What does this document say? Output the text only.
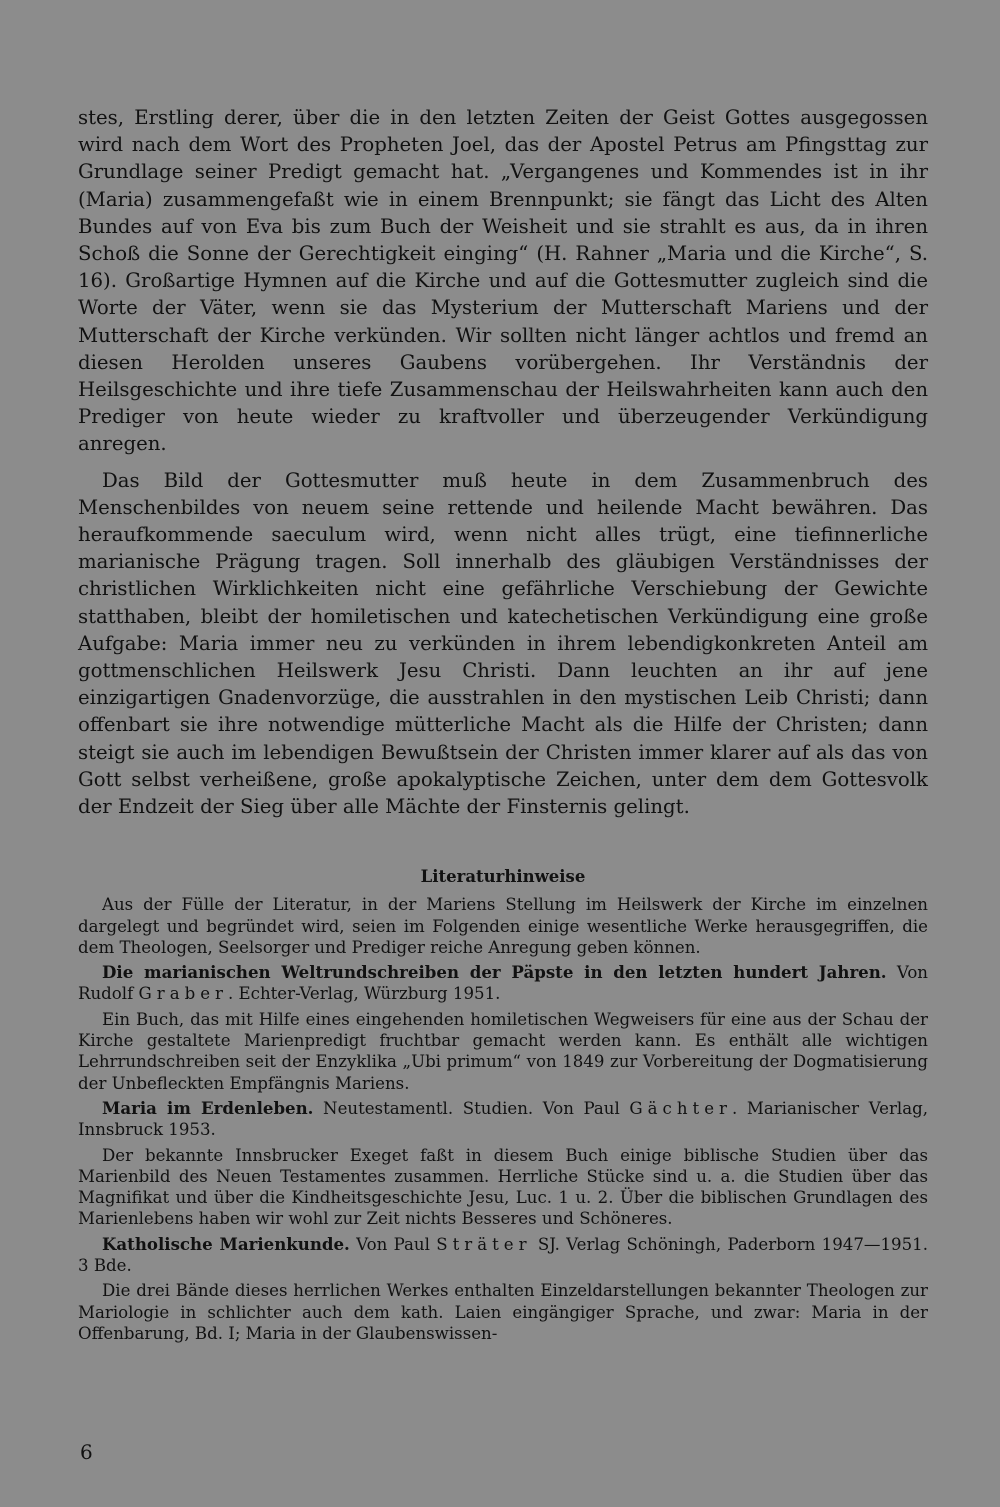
stes, Erstling derer, über die in den letzten Zeiten der Geist Gottes ausgegossen wird nach dem Wort des Propheten Joel, das der Apostel Petrus am Pfingsttag zur Grundlage seiner Predigt gemacht hat. „Vergangenes und Kommendes ist in ihr (Maria) zusammengefaßt wie in einem Brennpunkt; sie fängt das Licht des Alten Bundes auf von Eva bis zum Buch der Weisheit und sie strahlt es aus, da in ihren Schoß die Sonne der Gerechtigkeit einging“ (H. Rahner „Maria und die Kirche“, S. 16). Großartige Hymnen auf die Kirche und auf die Gottesmutter zugleich sind die Worte der Väter, wenn sie das Mysterium der Mutterschaft Mariens und der Mutterschaft der Kirche verkünden. Wir sollten nicht länger achtlos und fremd an diesen Herolden unseres Gaubens vorübergehen. Ihr Verständnis der Heilsgeschichte und ihre tiefe Zusammenschau der Heilswahrheiten kann auch den Prediger von heute wieder zu kraftvoller und überzeugender Verkündigung anregen.

Das Bild der Gottesmutter muß heute in dem Zusammenbruch des Menschenbildes von neuem seine rettende und heilende Macht bewähren. Das heraufkommende saeculum wird, wenn nicht alles trügt, eine tiefinnerliche marianische Prägung tragen. Soll innerhalb des gläubigen Verständnisses der christlichen Wirklichkeiten nicht eine gefährliche Verschiebung der Gewichte statthaben, bleibt der homiletischen und katechetischen Verkündigung eine große Aufgabe: Maria immer neu zu verkünden in ihrem lebendigkonkreten Anteil am gottmenschlichen Heilswerk Jesu Christi. Dann leuchten an ihr auf jene einzigartigen Gnadenvorzüge, die ausstrahlen in den mystischen Leib Christi; dann offenbart sie ihre notwendige mütterliche Macht als die Hilfe der Christen; dann steigt sie auch im lebendigen Bewußtsein der Christen immer klarer auf als das von Gott selbst verheißene, große apokalyptische Zeichen, unter dem dem Gottesvolk der Endzeit der Sieg über alle Mächte der Finsternis gelingt.

Literaturhinweise

Aus der Fülle der Literatur, in der Mariens Stellung im Heilswerk der Kirche im einzelnen dargelegt und begründet wird, seien im Folgenden einige wesentliche Werke herausgegriffen, die dem Theologen, Seelsorger und Prediger reiche Anregung geben können.

Die marianischen Weltrundschreiben der Päpste in den letzten hundert Jahren. Von Rudolf Graber. Echter-Verlag, Würzburg 1951.

Ein Buch, das mit Hilfe eines eingehenden homiletischen Wegweisers für eine aus der Schau der Kirche gestaltete Marienpredigt fruchtbar gemacht werden kann. Es enthält alle wichtigen Lehrrundschreiben seit der Enzyklika „Ubi primum“ von 1849 zur Vorbereitung der Dogmatisierung der Unbefleckten Empfängnis Mariens.

Maria im Erdenleben. Neutestamentl. Studien. Von Paul Gächter. Marianischer Verlag, Innsbruck 1953.

Der bekannte Innsbrucker Exeget faßt in diesem Buch einige biblische Studien über das Marienbild des Neuen Testamentes zusammen. Herrliche Stücke sind u. a. die Studien über das Magnifikat und über die Kindheitsgeschichte Jesu, Luc. 1 u. 2. Über die biblischen Grundlagen des Marienlebens haben wir wohl zur Zeit nichts Besseres und Schöneres.

Katholische Marienkunde. Von Paul Sträter SJ. Verlag Schöningh, Paderborn 1947—1951. 3 Bde.

Die drei Bände dieses herrlichen Werkes enthalten Einzeldarstellungen bekannter Theologen zur Mariologie in schlichter auch dem kath. Laien eingängiger Sprache, und zwar: Maria in der Offenbarung, Bd. I; Maria in der Glaubenswissen-

6
